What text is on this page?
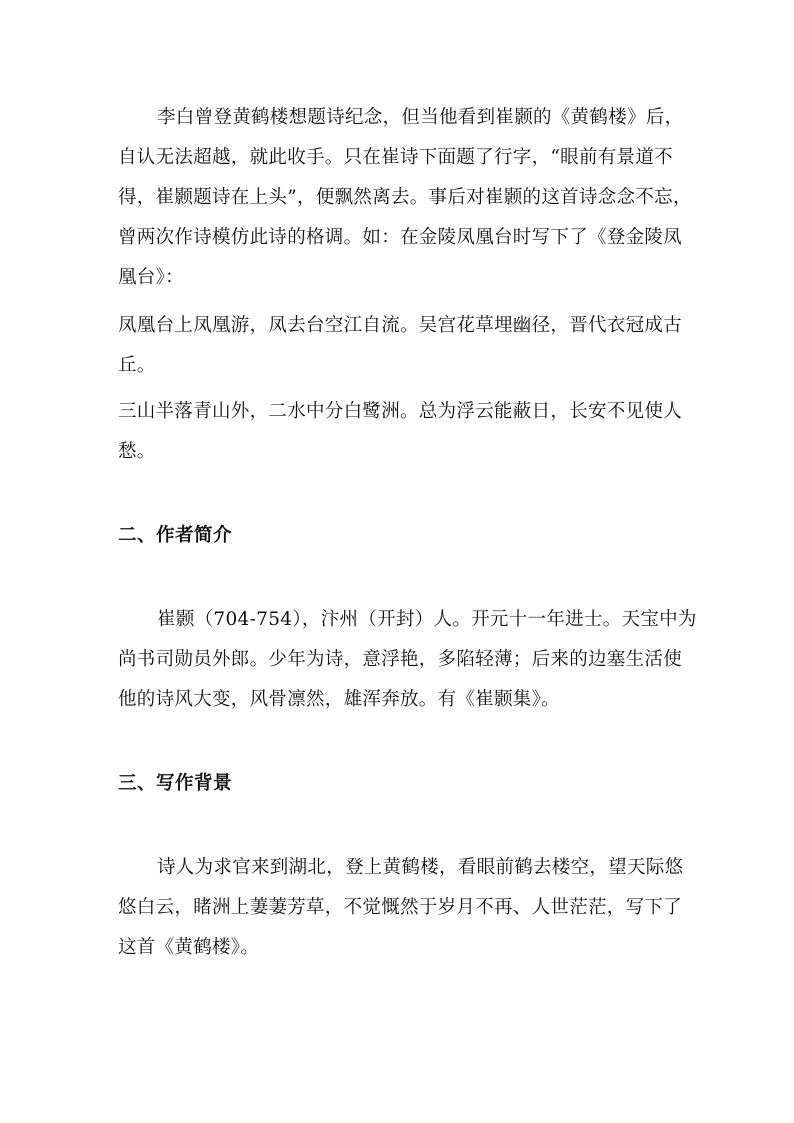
李白曾登黄鹤楼想题诗纪念，但当他看到崔颢的《黄鹤楼》后，
自认无法超越，就此收手。只在崔诗下面题了行字，“眼前有景道不
得，崔颢题诗在上头”，便飘然离去。事后对崔颢的这首诗念念不忘，
曾两次作诗模仿此诗的格调。如：在金陵凤凰台时写下了《登金陵凤
凰台》：
凤凰台上凤凰游，凤去台空江自流。吴宫花草埋幽径，晋代衣冠成古
丘。
三山半落青山外，二水中分白鹭洲。总为浮云能蔽日，长安不见使人
愁。
二、作者简介
崔颢（704-754），汴州（开封）人。开元十一年进士。天宝中为
尚书司勋员外郎。少年为诗，意浮艳，多陷轻薄；后来的边塞生活使
他的诗风大变，风骨凛然，雄浑奔放。有《崔颢集》。
三、写作背景
诗人为求官来到湖北，登上黄鹤楼，看眼前鹤去楼空，望天际悠
悠白云，睹洲上萋萋芳草，不觉慨然于岁月不再、人世茫茫，写下了
这首《黄鹤楼》。
